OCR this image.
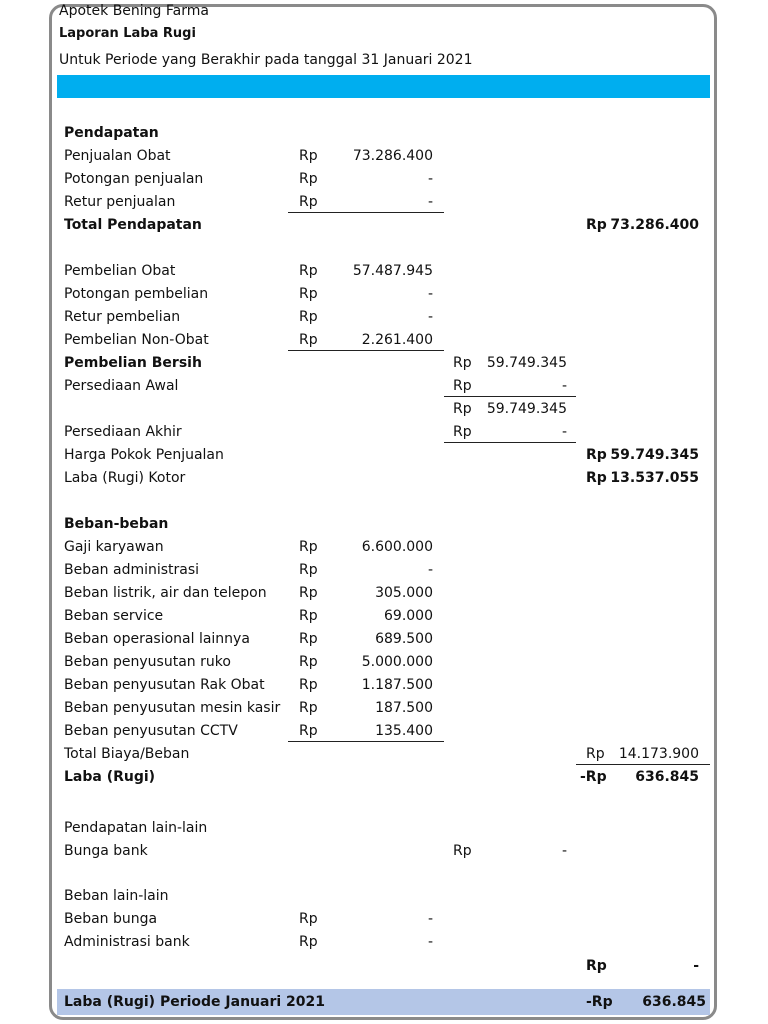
Apotek Bening Farma
Laporan Laba Rugi
Untuk Periode yang Berakhir pada tanggal 31 Januari 2021
Pendapatan
Penjualan Obat	Rp	73.286.400
Potongan penjualan	Rp	-
Retur penjualan	Rp	-
Total Pendapatan	Rp 73.286.400
Pembelian Obat	Rp	57.487.945
Potongan pembelian	Rp	-
Retur pembelian	Rp	-
Pembelian Non-Obat	Rp	2.261.400
Pembelian Bersih	Rp 59.749.345
Persediaan Awal	Rp	-
Rp 59.749.345
Persediaan Akhir	Rp	-
Harga Pokok Penjualan	Rp 59.749.345
Laba (Rugi) Kotor	Rp 13.537.055
Beban-beban
Gaji karyawan	Rp	6.600.000
Beban administrasi	Rp	-
Beban listrik, air dan telepon Rp	305.000
Beban service	Rp	69.000
Beban operasional lainnya	Rp	689.500
Beban penyusutan ruko	Rp	5.000.000
Beban penyusutan Rak Obat Rp	1.187.500
Beban penyusutan mesin kasir Rp	187.500
Beban penyusutan CCTV	Rp	135.400
Total Biaya/Beban	Rp 14.173.900
Laba (Rugi)	-Rp 636.845
Pendapatan lain-lain
Bunga bank	Rp	-
Beban lain-lain
Beban bunga	Rp	-
Administrasi bank	Rp	-
Rp	-
Laba (Rugi) Periode Januari 2021	-Rp 636.845
